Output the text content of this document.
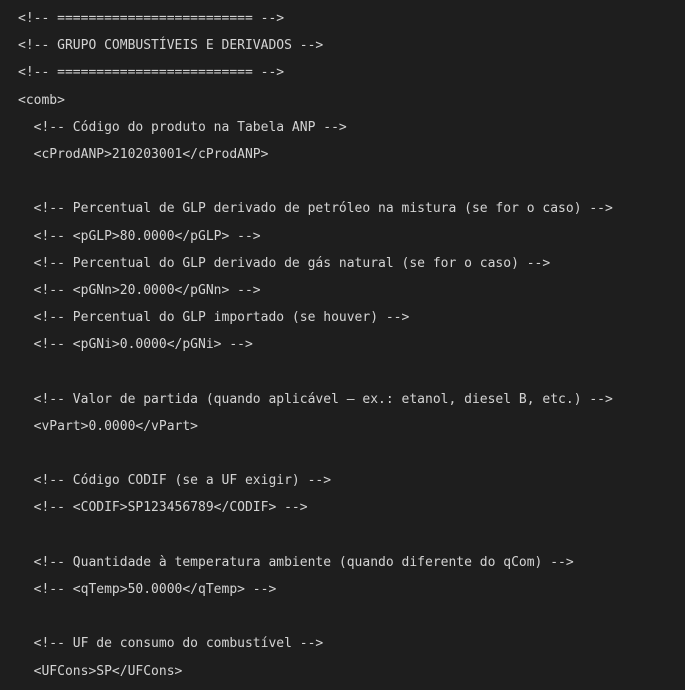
<!-- ========================= -->
<!-- GRUPO COMBUSTÍVEIS E DERIVADOS -->
<!-- ========================= -->
<comb>
<!-- Código do produto na Tabela ANP -->
<cProdANP>210203001</cProdANP>
<!-- Percentual de GLP derivado de petróleo na mistura (se for o caso) -->
<!-- <pGLP>80.0000</pGLP> -->
<!-- Percentual do GLP derivado de gás natural (se for o caso) -->
<!-- <pGNn>20.0000</pGNn> -->
<!-- Percentual do GLP importado (se houver) -->
<!-- <pGNi>0.0000</pGNi> -->
<!-- Valor de partida (quando aplicável – ex.: etanol, diesel B, etc.) -->
<vPart>0.0000</vPart>
<!-- Código CODIF (se a UF exigir) -->
<!-- <CODIF>SP123456789</CODIF> -->
<!-- Quantidade à temperatura ambiente (quando diferente do qCom) -->
<!-- <qTemp>50.0000</qTemp> -->
<!-- UF de consumo do combustível -->
<UFCons>SP</UFCons>
